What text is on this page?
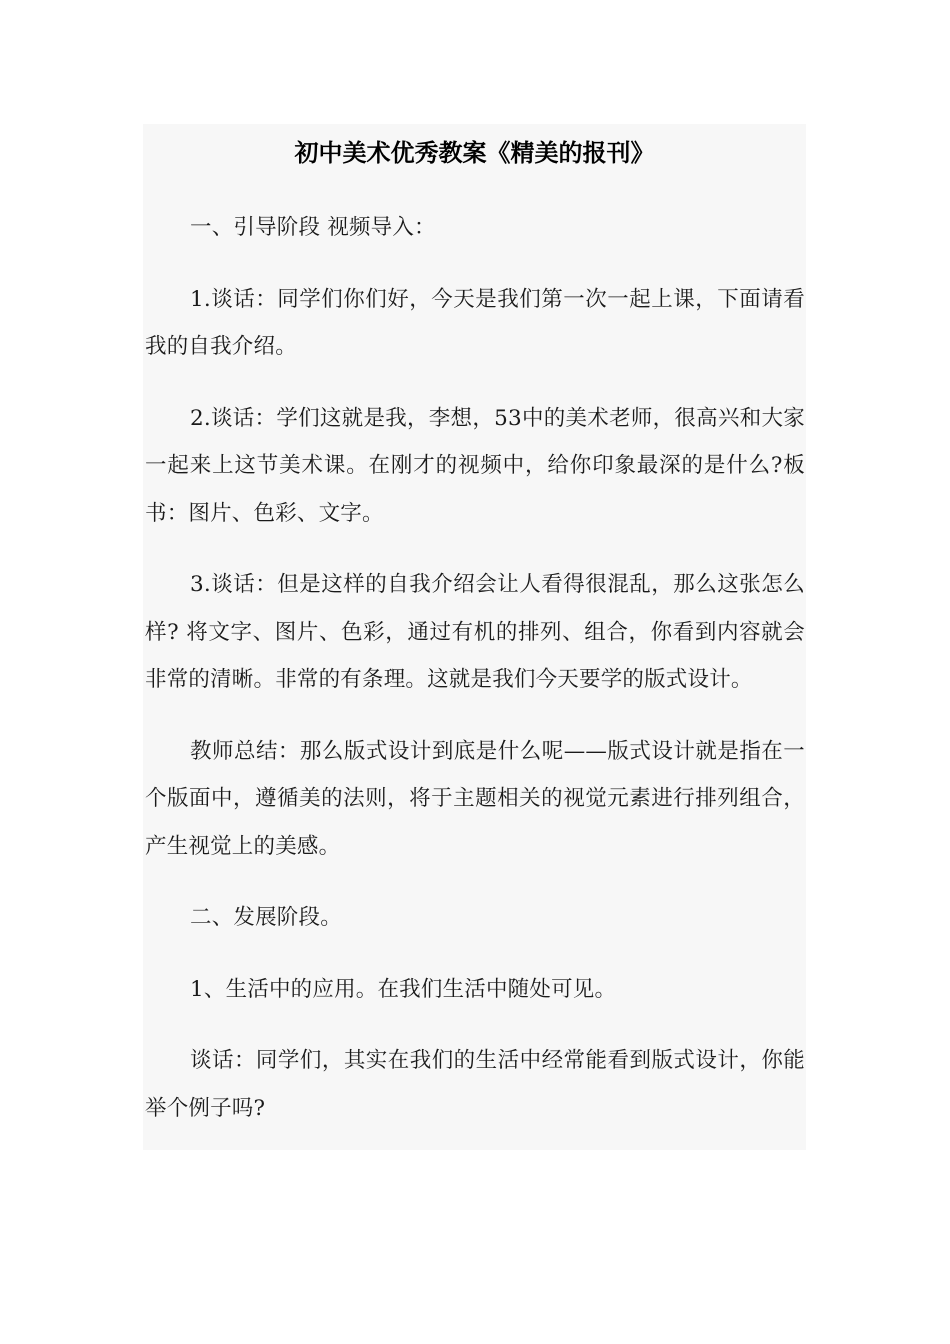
初中美术优秀教案《精美的报刊》

一、引导阶段 视频导入：

1.谈话：同学们你们好，今天是我们第一次一起上课，下面请看我的自我介绍。

2.谈话：学们这就是我，李想，53中的美术老师，很高兴和大家一起来上这节美术课。在刚才的视频中，给你印象最深的是什么?板书：图片、色彩、文字。

3.谈话：但是这样的自我介绍会让人看得很混乱，那么这张怎么样? 将文字、图片、色彩，通过有机的排列、组合，你看到内容就会非常的清晰。非常的有条理。这就是我们今天要学的版式设计。

教师总结：那么版式设计到底是什么呢——版式设计就是指在一个版面中，遵循美的法则，将于主题相关的视觉元素进行排列组合，产生视觉上的美感。

二、发展阶段。

1、生活中的应用。在我们生活中随处可见。

谈话：同学们，其实在我们的生活中经常能看到版式设计，你能举个例子吗?
